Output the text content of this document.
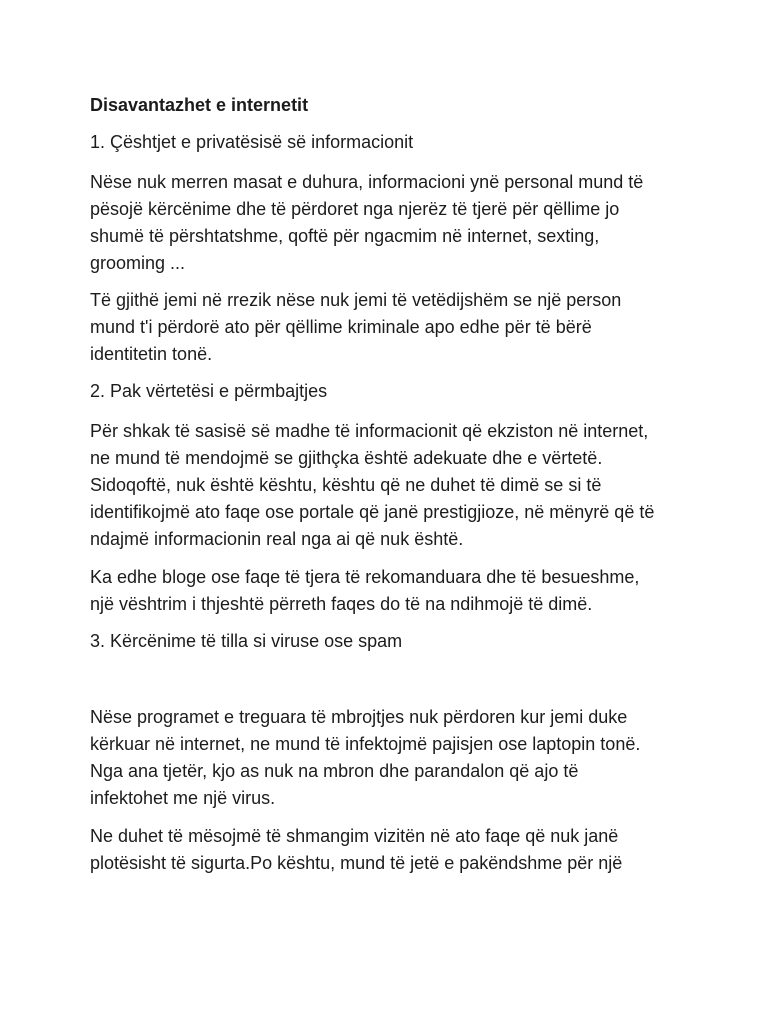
Disavantazhet e internetit

1. Çështjet e privatësisë së informacionit

Nëse nuk merren masat e duhura, informacioni ynë personal mund të

pësojë kërcënime dhe të përdoret nga njerëz të tjerë për qëllime jo

shumë të përshtatshme, qoftë për ngacmim në internet, sexting,

grooming ...

Të gjithë jemi në rrezik nëse nuk jemi të vetëdijshëm se një person

mund t'i përdorë ato për qëllime kriminale apo edhe për të bërë

identitetin tonë.

2. Pak vërtetësi e përmbajtjes

Për shkak të sasisë së madhe të informacionit që ekziston në internet,

ne mund të mendojmë se gjithçka është adekuate dhe e vërtetë.

Sidoqoftë, nuk është kështu, kështu që ne duhet të dimë se si të

identifikojmë ato faqe ose portale që janë prestigjioze, në mënyrë që të

ndajmë informacionin real nga ai që nuk është.

Ka edhe bloge ose faqe të tjera të rekomanduara dhe të besueshme,

një vështrim i thjeshtë përreth faqes do të na ndihmojë të dimë.

3. Kërcënime të tilla si viruse ose spam

Nëse programet e treguara të mbrojtjes nuk përdoren kur jemi duke

kërkuar në internet, ne mund të infektojmë pajisjen ose laptopin tonë.

Nga ana tjetër, kjo as nuk na mbron dhe parandalon që ajo të

infektohet me një virus.

Ne duhet të mësojmë të shmangim vizitën në ato faqe që nuk janë

plotësisht të sigurta.Po kështu, mund të jetë e pakëndshme për një
